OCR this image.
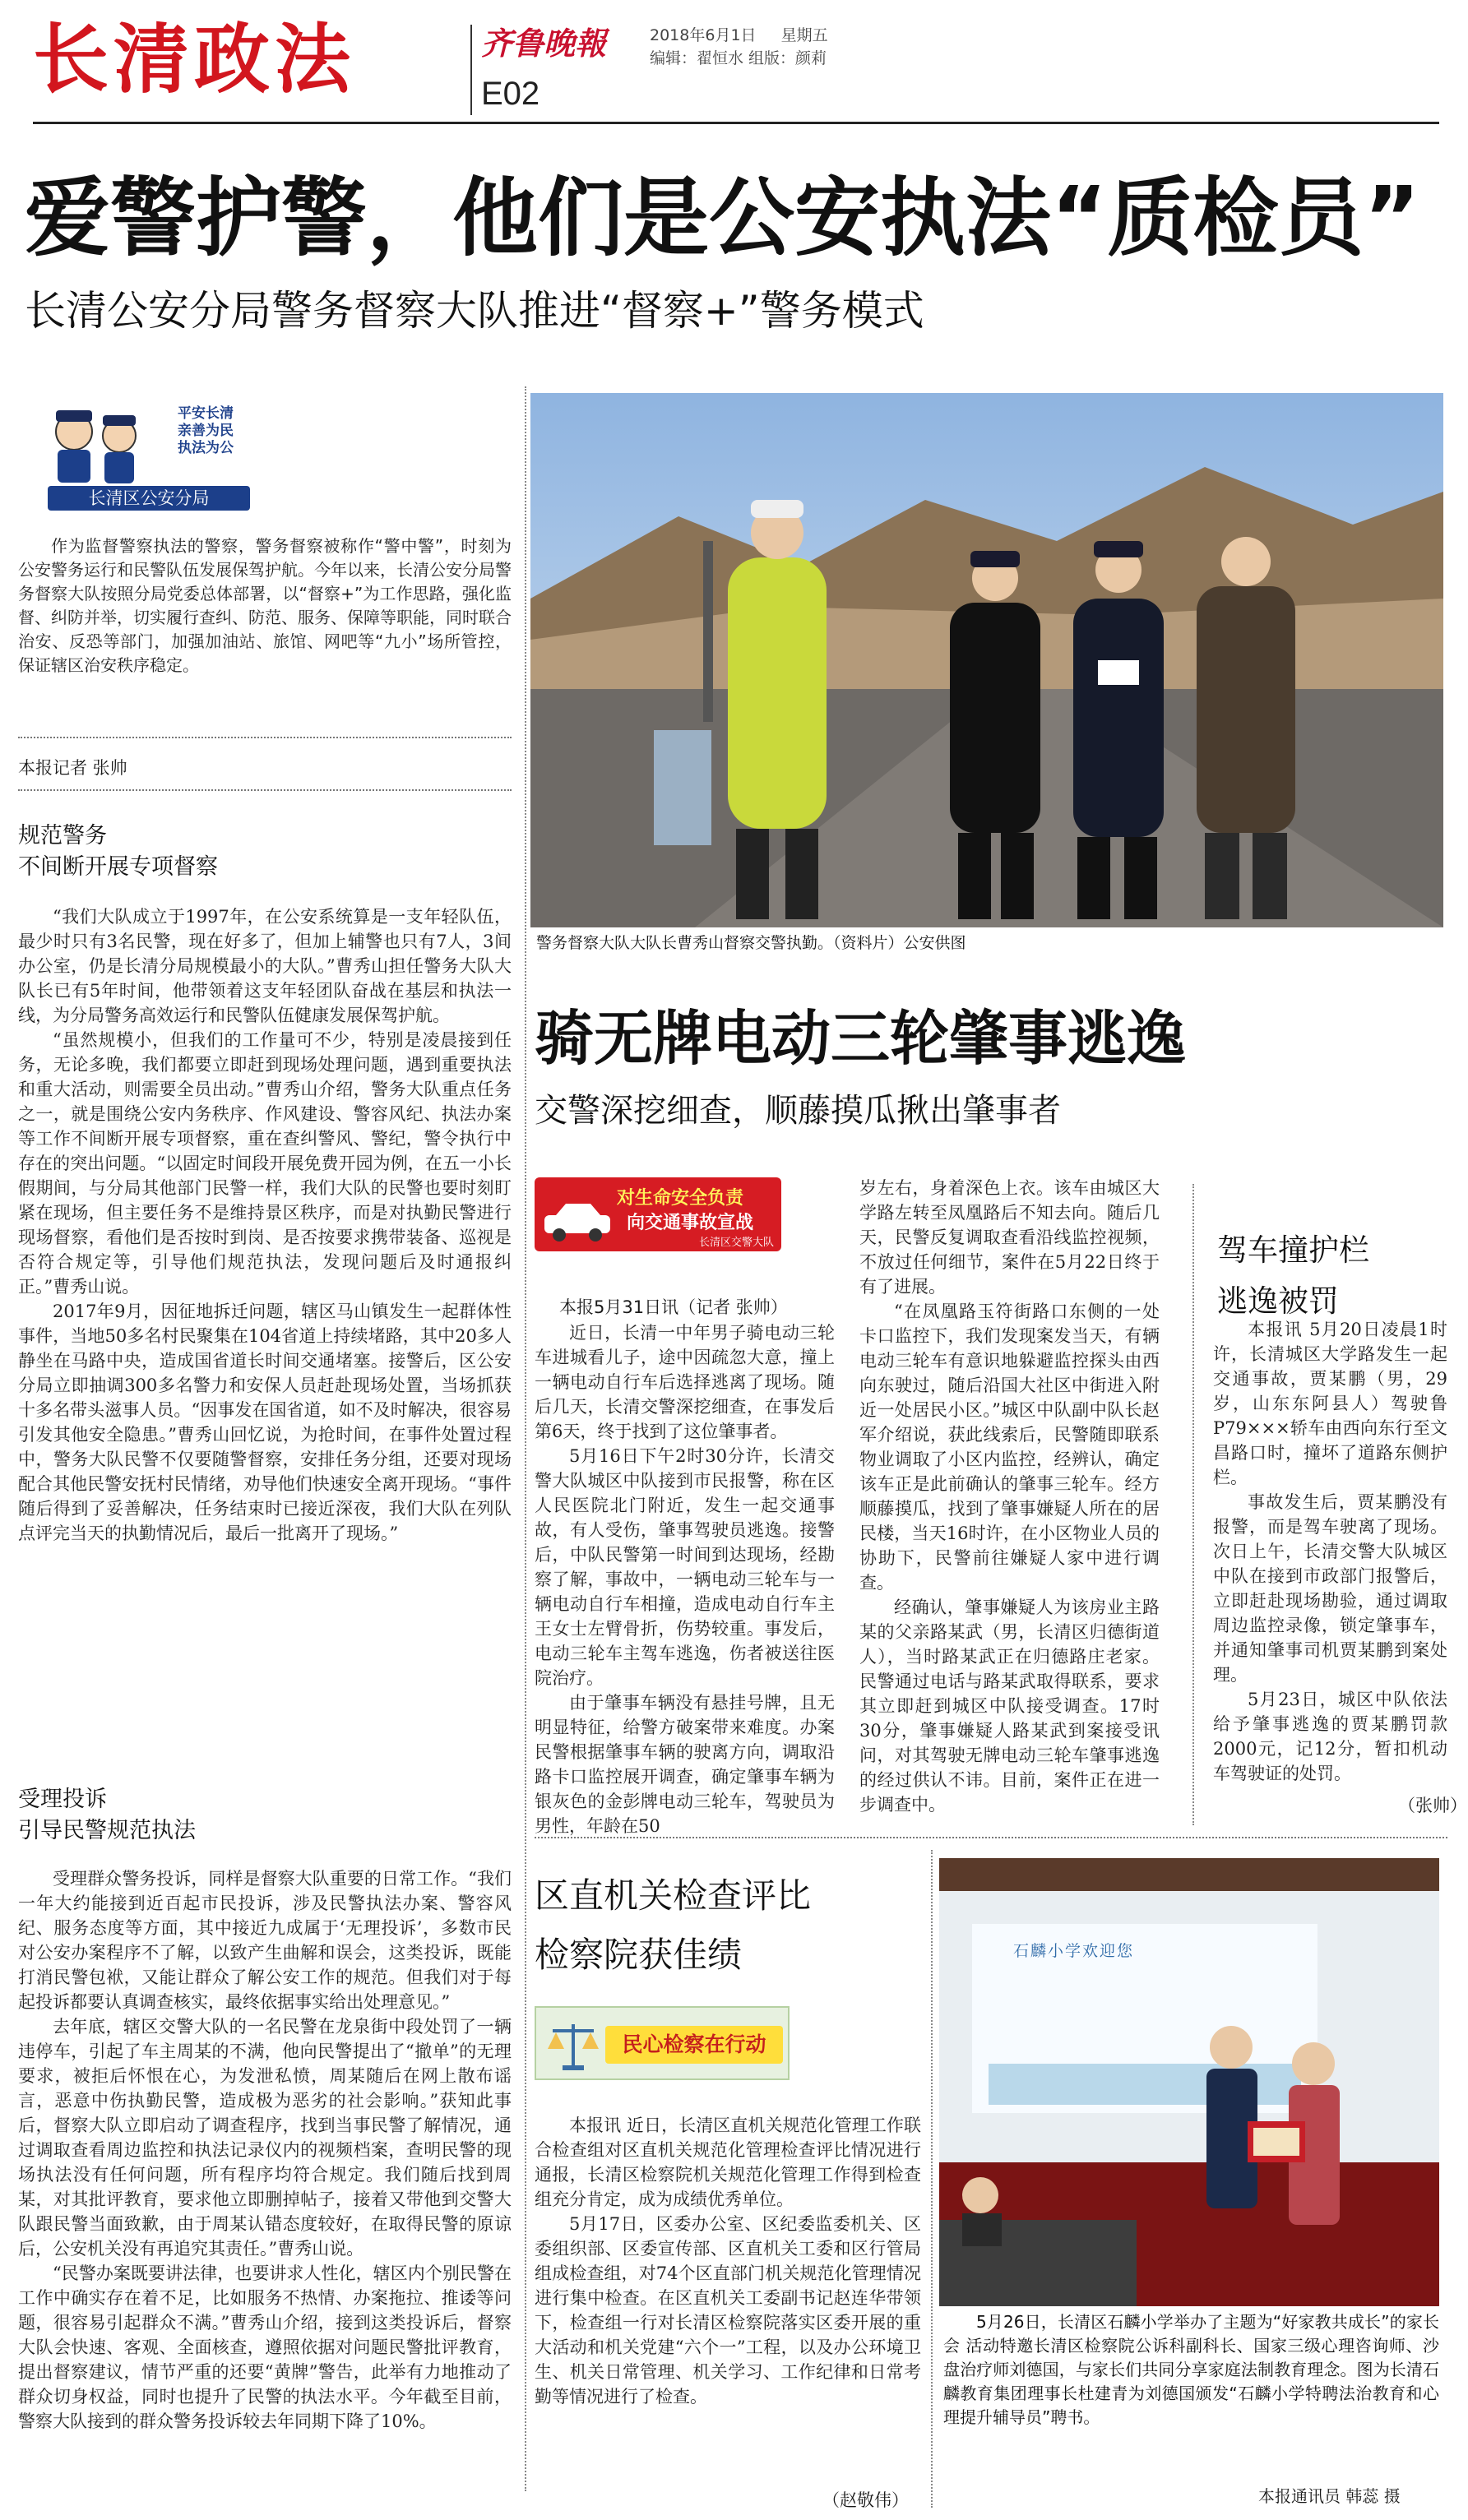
长清政法	齐鲁晚報	2018年6月1日 星期五
编辑：翟恒水 组版：颜莉
E02
爱警护警，他们是公安执法“质检员”
长清公安分局警务督察大队推进“督察+”警务模式
平安长清
亲善为民
执法为公
长清区公安分局
作为监督警察执法的警察，警务督察被称作“警中警”，时刻为公安警务运行和民警队伍发展保驾护航。今年以来，长清公安分局警务督察大队按照分局党委总体部署，以“督察+”为工作思路，强化监督、纠防并举，切实履行查纠、防范、服务、保障等职能，同时联合治安、反恐等部门，加强加油站、旅馆、网吧等“九小”场所管控，保证辖区治安秩序稳定。
本报记者 张帅
规范警务
不间断开展专项督察

“我们大队成立于1997年，在公安系统算是一支年轻队伍，最少时只有3名民警，现在好多了，但加上辅警也只有7人，3间办公室，仍是长清分局规模最小的大队。”曹秀山担任警务大队大队长已有5年时间，他带领着这支年轻团队奋战在基层和执法一线，为分局警务高效运行和民警队伍健康发展保驾护航。

“虽然规模小，但我们的工作量可不少，特别是凌晨接到任务，无论多晚，我们都要立即赶到现场处理问题，遇到重要执法和重大活动，则需要全员出动。”曹秀山介绍，警务大队重点任务之一，就是围绕公安内务秩序、作风建设、警容风纪、执法办案等工作不间断开展专项督察，重在查纠警风、警纪，警令执行中存在的突出问题。“以固定时间段开展免费开园为例，在五一小长假期间，与分局其他部门民警一样，我们大队的民警也要时刻盯紧在现场，但主要任务不是维持景区秩序，而是对执勤民警进行现场督察，看他们是否按时到岗、是否按要求携带装备、巡视是否符合规定等，引导他们规范执法，发现问题后及时通报纠正。”曹秀山说。

2017年9月，因征地拆迁问题，辖区马山镇发生一起群体性事件，当地50多名村民聚集在104省道上持续堵路，其中20多人静坐在马路中央，造成国省道长时间交通堵塞。接警后，区公安分局立即抽调300多名警力和安保人员赶赴现场处置，当场抓获十多名带头滋事人员。“因事发在国省道，如不及时解决，很容易引发其他安全隐患。”曹秀山回忆说，为抢时间，在事件处置过程中，警务大队民警不仅要随警督察，安排任务分组，还要对现场配合其他民警安抚村民情绪，劝导他们快速安全离开现场。“事件随后得到了妥善解决，任务结束时已接近深夜，我们大队在列队点评完当天的执勤情况后，最后一批离开了现场。”

受理投诉
引导民警规范执法

受理群众警务投诉，同样是督察大队重要的日常工作。“我们一年大约能接到近百起市民投诉，涉及民警执法办案、警容风纪、服务态度等方面，其中接近九成属于‘无理投诉’，多数市民对公安办案程序不了解，以致产生曲解和误会，这类投诉，既能打消民警包袱，又能让群众了解公安工作的规范。但我们对于每起投诉都要认真调查核实，最终依据事实给出处理意见。”

去年底，辖区交警大队的一名民警在龙泉街中段处罚了一辆违停车，引起了车主周某的不满，他向民警提出了“撤单”的无理要求，被拒后怀恨在心，为发泄私愤，周某随后在网上散布谣言，恶意中伤执勤民警，造成极为恶劣的社会影响。”获知此事后，督察大队立即启动了调查程序，找到当事民警了解情况，通过调取查看周边监控和执法记录仪内的视频档案，查明民警的现场执法没有任何问题，所有程序均符合规定。我们随后找到周某，对其批评教育，要求他立即删掉帖子，接着又带他到交警大队跟民警当面致歉，由于周某认错态度较好，在取得民警的原谅后，公安机关没有再追究其责任。”曹秀山说。

“民警办案既要讲法律，也要讲求人性化，辖区内个别民警在工作中确实存在着不足，比如服务不热情、办案拖拉、推诿等问题，很容易引起群众不满。”曹秀山介绍，接到这类投诉后，督察大队会快速、客观、全面核查，遵照依据对问题民警批评教育，提出督察建议，情节严重的还要“黄牌”警告，此举有力地推动了群众切身权益，同时也提升了民警的执法水平。今年截至目前，警察大队接到的群众警务投诉较去年同期下降了10%。

警务督察大队大队长曹秀山督察交警执勤。（资料片）公安供图
骑无牌电动三轮肇事逃逸
交警深挖细查，顺藤摸瓜揪出肇事者
对生命安全负责
向交通事故宣战
长清区交警大队
本报5月31日讯（记者 张帅）

近日，长清一中年男子骑电动三轮车进城看儿子，途中因疏忽大意，撞上一辆电动自行车后选择逃离了现场。随后几天，长清交警深挖细查，在事发后第6天，终于找到了这位肇事者。

5月16日下午2时30分许，长清交警大队城区中队接到市民报警，称在区人民医院北门附近，发生一起交通事故，有人受伤，肇事驾驶员逃逸。接警后，中队民警第一时间到达现场，经勘察了解，事故中，一辆电动三轮车与一辆电动自行车相撞，造成电动自行车主王女士左臂骨折，伤势较重。事发后，电动三轮车主驾车逃逸，伤者被送往医院治疗。

由于肇事车辆没有悬挂号牌，且无明显特征，给警方破案带来难度。办案民警根据肇事车辆的驶离方向，调取沿路卡口监控展开调查，确定肇事车辆为银灰色的金彭牌电动三轮车，驾驶员为男性，年龄在50

岁左右，身着深色上衣。该车由城区大学路左转至凤凰路后不知去向。随后几天，民警反复调取查看沿线监控视频，不放过任何细节，案件在5月22日终于有了进展。

“在凤凰路玉符街路口东侧的一处卡口监控下，我们发现案发当天，有辆电动三轮车有意识地躲避监控探头由西向东驶过，随后沿国大社区中街进入附近一处居民小区。”城区中队副中队长赵军介绍说，获此线索后，民警随即联系物业调取了小区内监控，经辨认，确定该车正是此前确认的肇事三轮车。经方顺藤摸瓜，找到了肇事嫌疑人所在的居民楼，当天16时许，在小区物业人员的协助下，民警前往嫌疑人家中进行调查。

经确认，肇事嫌疑人为该房业主路某的父亲路某武（男，长清区归德街道人），当时路某武正在归德路庄老家。民警通过电话与路某武取得联系，要求其立即赶到城区中队接受调查。17时30分，肇事嫌疑人路某武到案接受讯问，对其驾驶无牌电动三轮车肇事逃逸的经过供认不讳。目前，案件正在进一步调查中。

驾车撞护栏
逃逸被罚

本报讯 5月20日凌晨1时许，长清城区大学路发生一起交通事故，贾某鹏（男，29岁，山东东阿县人）驾驶鲁P79×××轿车由西向东行至文昌路口时，撞坏了道路东侧护栏。

事故发生后，贾某鹏没有报警，而是驾车驶离了现场。次日上午，长清交警大队城区中队在接到市政部门报警后，立即赶赴现场勘验，通过调取周边监控录像，锁定肇事车，并通知肇事司机贾某鹏到案处理。

5月23日，城区中队依法给予肇事逃逸的贾某鹏罚款2000元，记12分，暂扣机动车驾驶证的处罚。

（张帅）
区直机关检查评比
检察院获佳绩
民心检察在行动

本报讯 近日，长清区直机关规范化管理工作联合检查组对区直机关规范化管理检查评比情况进行通报，长清区检察院机关规范化管理工作得到检查组充分肯定，成为成绩优秀单位。

5月17日，区委办公室、区纪委监委机关、区委组织部、区委宣传部、区直机关工委和区行管局组成检查组，对74个区直部门机关规范化管理情况进行集中检查。在区直机关工委副书记赵连华带领下，检查组一行对长清区检察院落实区委开展的重大活动和机关党建“六个一”工程，以及办公环境卫生、机关日常管理、机关学习、工作纪律和日常考勤等情况进行了检查。

（赵敬伟）
石麟小学欢迎您
5月26日，长清区石麟小学举办了主题为“好家教共成长”的家长会 活动特邀长清区检察院公诉科副科长、国家三级心理咨询师、沙盘治疗师刘德国，与家长们共同分享家庭法制教育理念。图为长清石麟教育集团理事长杜建青为刘德国颁发“石麟小学特聘法治教育和心理提升辅导员”聘书。
本报通讯员 韩蕊 摄
